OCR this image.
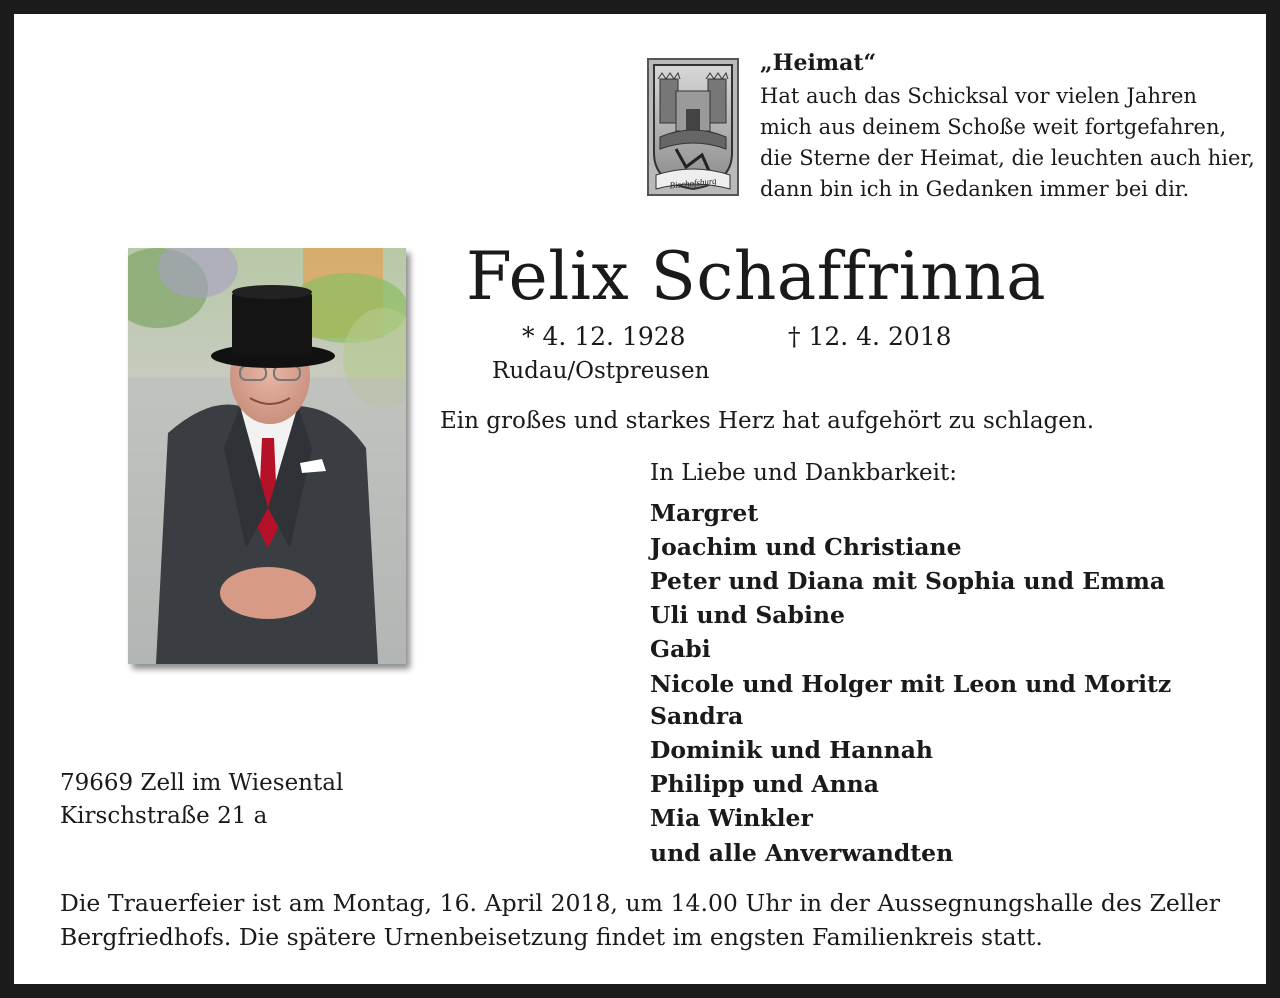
Bischofsburg
„Heimat“
Hat auch das Schicksal vor vielen Jahren
mich aus deinem Schoße weit fortgefahren,
die Sterne der Heimat, die leuchten auch hier,
dann bin ich in Gedanken immer bei dir.
Felix Schaffrinna
* 4. 12. 1928	† 12. 4. 2018
Rudau/Ostpreusen
Ein großes und starkes Herz hat aufgehört zu schlagen.
In Liebe und Dankbarkeit:
Margret
Joachim und Christiane
Peter und Diana mit Sophia und Emma
Uli und Sabine
Gabi
Nicole und Holger mit Leon und Moritz
Sandra
Dominik und Hannah
Philipp und Anna
Mia Winkler
und alle Anverwandten
79669 Zell im Wiesental
Kirschstraße 21 a
Die Trauerfeier ist am Montag, 16. April 2018, um 14.00 Uhr in der Aussegnungshalle des Zeller
Bergfriedhofs. Die spätere Urnenbeisetzung findet im engsten Familienkreis statt.
